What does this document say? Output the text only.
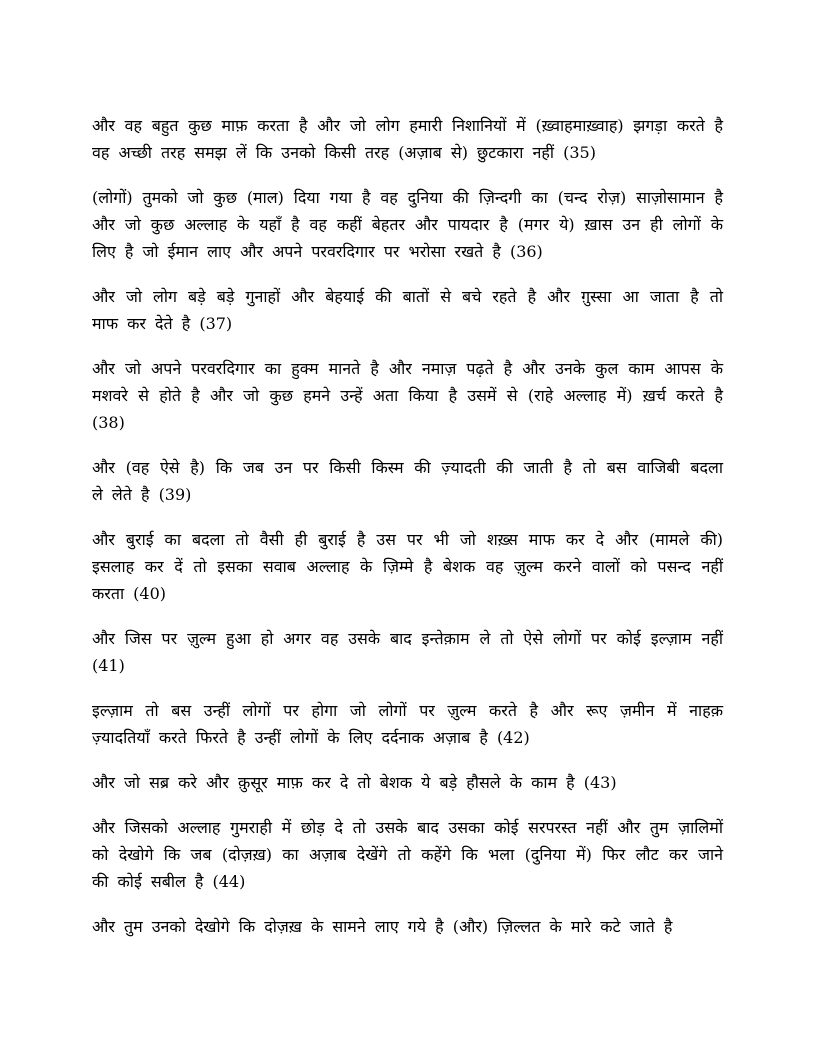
और वह बहुत कुछ माफ़ करता है और जो लोग हमारी निशानियों में (ख़्वाहमाख़्वाह) झगड़ा करते है
वह अच्छी तरह समझ लें कि उनको किसी तरह (अज़ाब से) छुटकारा नहीं (35)

(लोगों) तुमको जो कुछ (माल) दिया गया है वह दुनिया की ज़िन्दगी का (चन्द रोज़) साज़ोसामान है
और जो कुछ अल्लाह के यहाँ है वह कहीं बेहतर और पायदार है (मगर ये) ख़ास उन ही लोगों के
लिए है जो ईमान लाए और अपने परवरदिगार पर भरोसा रखते है (36)

और जो लोग बड़े बड़े गुनाहों और बेहयाई की बातों से बचे रहते है और ग़ुस्सा आ जाता है तो
माफ कर देते है (37)

और जो अपने परवरदिगार का हुक्म मानते है और नमाज़ पढ़ते है और उनके कुल काम आपस के
मशवरे से होते है और जो कुछ हमने उन्हें अता किया है उसमें से (राहे अल्लाह में) ख़र्च करते है
(38)

और (वह ऐसे है) कि जब उन पर किसी किस्म की ज़्यादती की जाती है तो बस वाजिबी बदला
ले लेते है (39)

और बुराई का बदला तो वैसी ही बुराई है उस पर भी जो शख़्स माफ कर दे और (मामले की)
इसलाह कर दें तो इसका सवाब अल्लाह के ज़िम्मे है बेशक वह ज़ुल्म करने वालों को पसन्द नहीं
करता (40)

और जिस पर ज़ुल्म हुआ हो अगर वह उसके बाद इन्तेक़ाम ले तो ऐसे लोगों पर कोई इल्ज़ाम नहीं
(41)

इल्ज़ाम तो बस उन्हीं लोगों पर होगा जो लोगों पर ज़ुल्म करते है और रूए ज़मीन में नाहक़
ज़्यादतियाँ करते फिरते है उन्हीं लोगों के लिए दर्दनाक अज़ाब है (42)

और जो सब्र करे और क़ुसूर माफ़ कर दे तो बेशक ये बड़े हौसले के काम है (43)

और जिसको अल्लाह गुमराही में छोड़ दे तो उसके बाद उसका कोई सरपरस्त नहीं और तुम ज़ालिमों
को देखोगे कि जब (दोज़ख़) का अज़ाब देखेंगे तो कहेंगे कि भला (दुनिया में) फिर लौट कर जाने
की कोई सबील है (44)

और तुम उनको देखोगे कि दोज़ख़ के सामने लाए गये है (और) ज़िल्लत के मारे कटे जाते है
